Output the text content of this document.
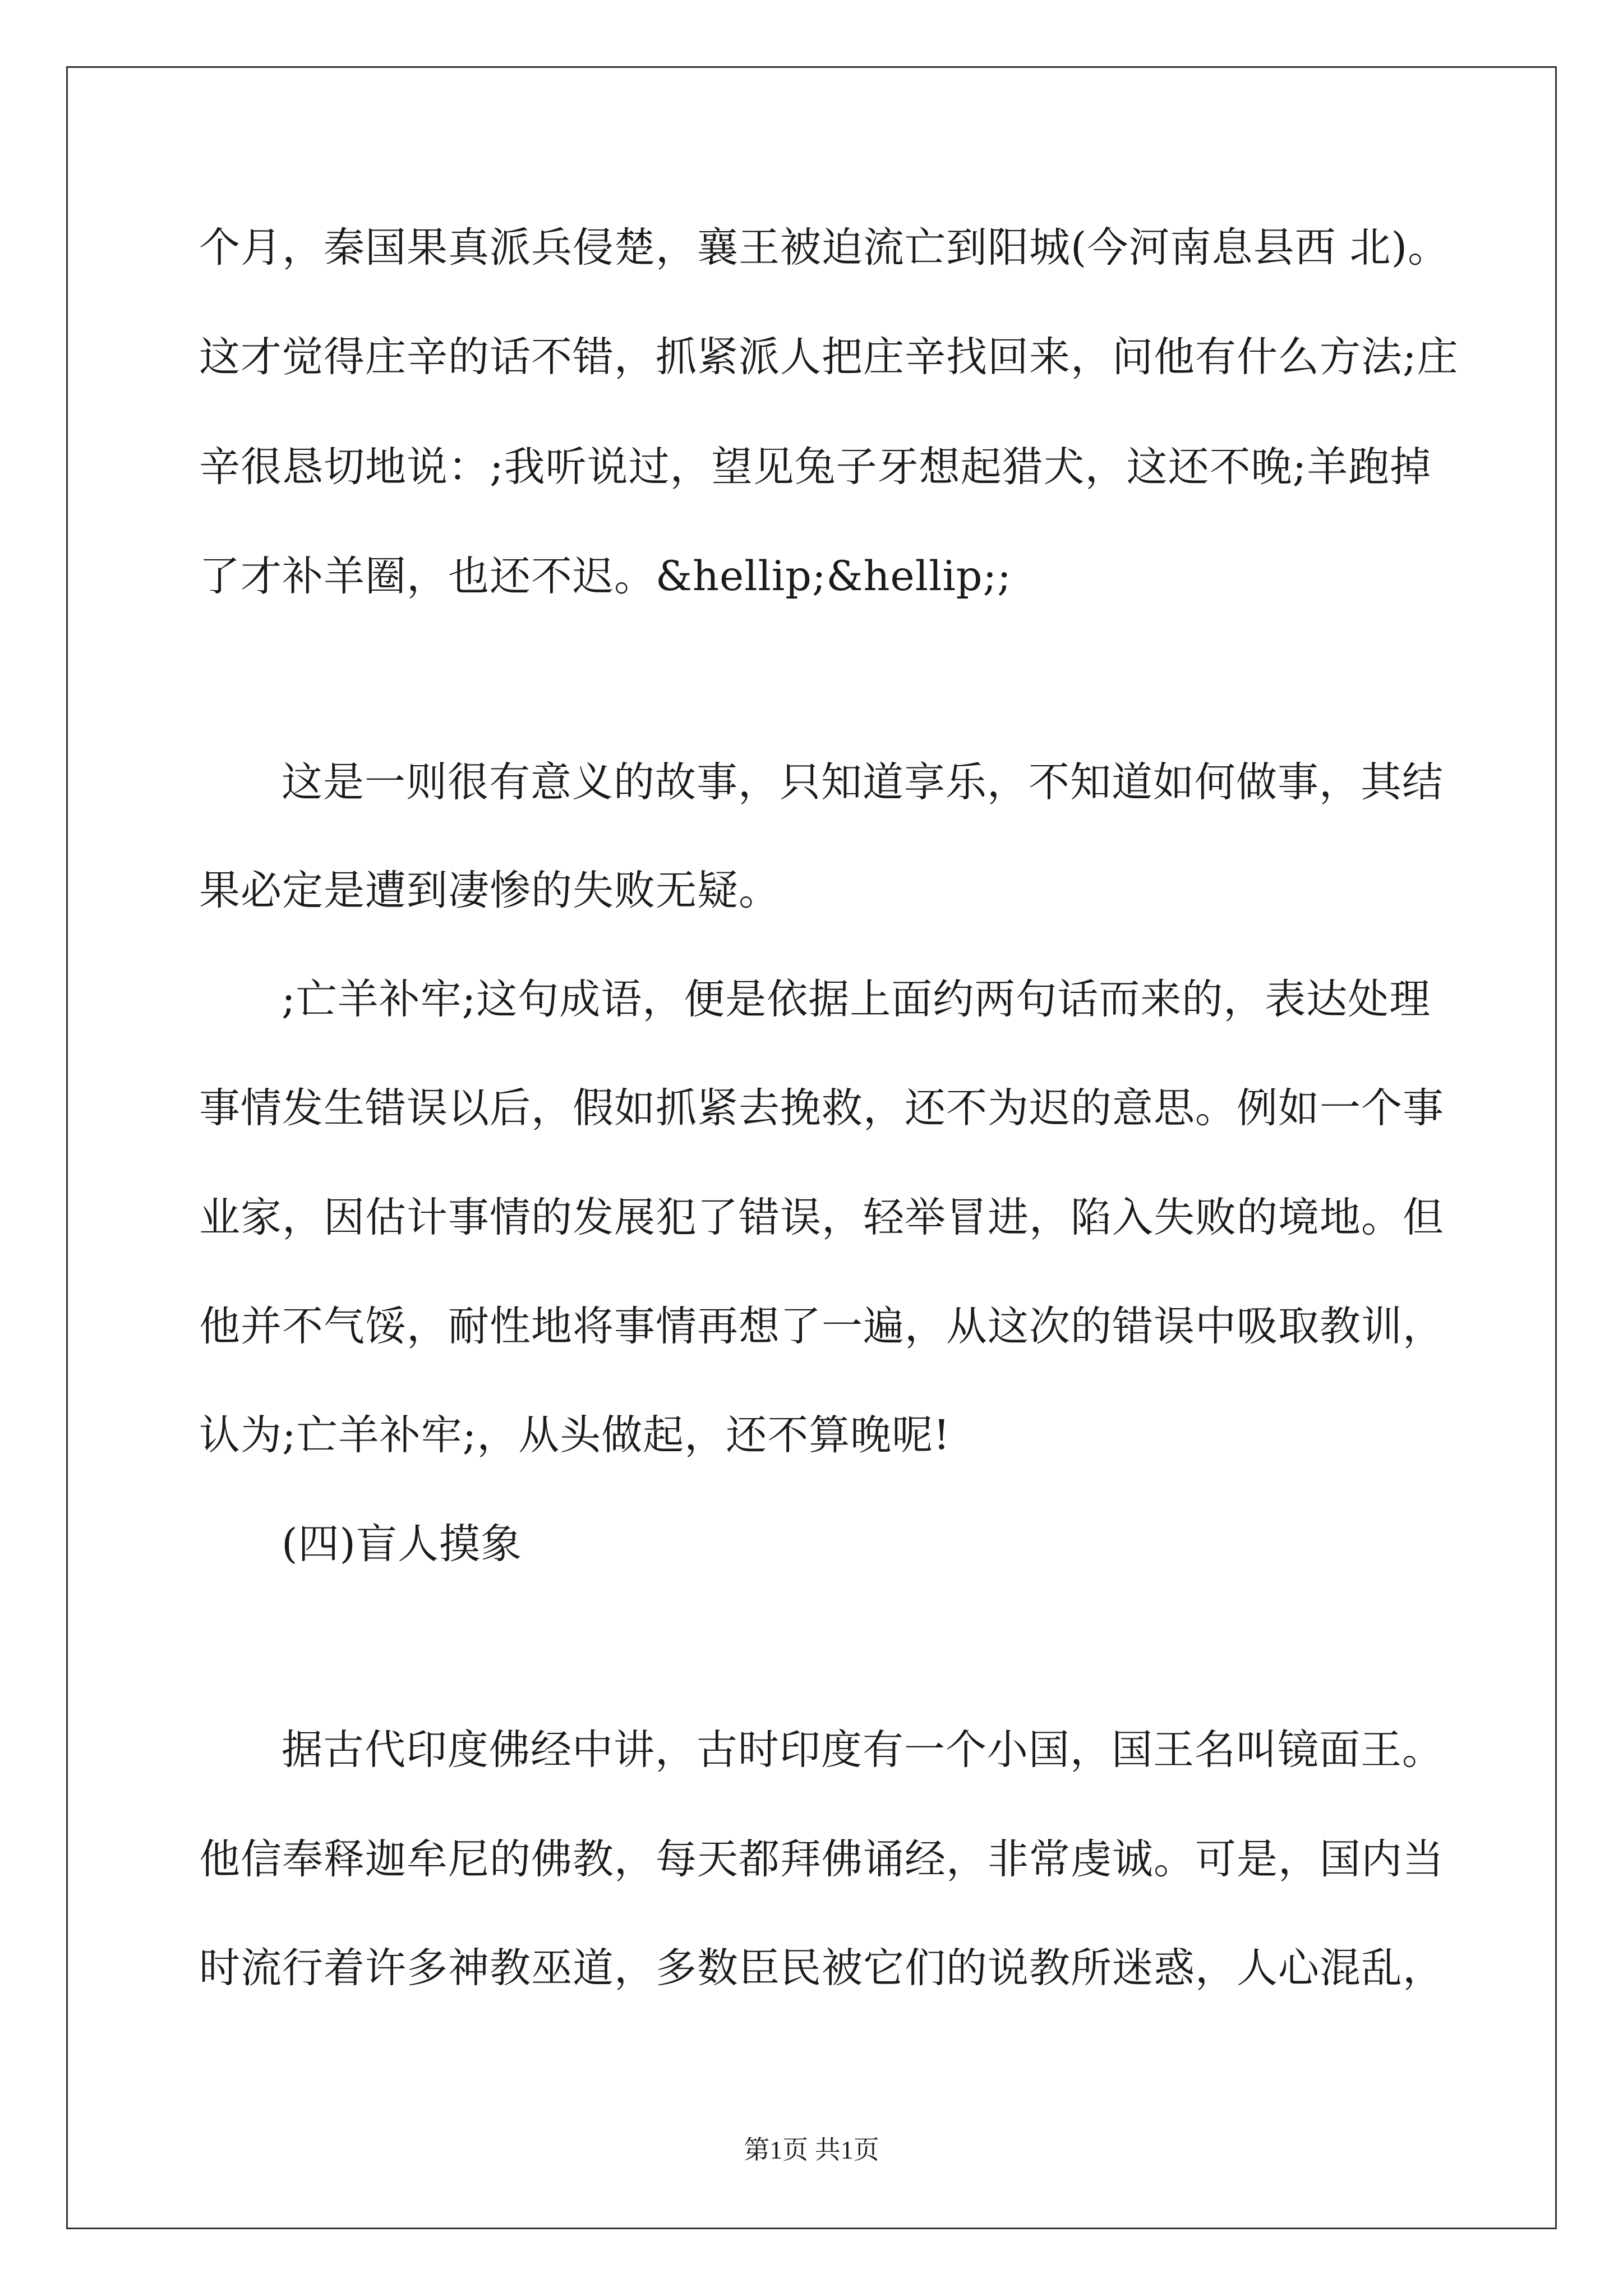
个月，秦国果真派兵侵楚，襄王被迫流亡到阳城(今河南息县西 北)。

这才觉得庄辛的话不错，抓紧派人把庄辛找回来，问他有什么方法;庄

辛很恳切地说：;我听说过，望见兔子牙想起猎犬，这还不晚;羊跑掉

了才补羊圈，也还不迟。&hellip;&hellip;;

这是一则很有意义的故事，只知道享乐，不知道如何做事，其结

果必定是遭到凄惨的失败无疑。

;亡羊补牢;这句成语，便是依据上面约两句话而来的，表达处理

事情发生错误以后，假如抓紧去挽救，还不为迟的意思。例如一个事

业家，因估计事情的发展犯了错误，轻举冒进，陷入失败的境地。但

他并不气馁，耐性地将事情再想了一遍，从这次的错误中吸取教训，

认为;亡羊补牢;，从头做起，还不算晚呢!

(四)盲人摸象

据古代印度佛经中讲，古时印度有一个小国，国王名叫镜面王。

他信奉释迦牟尼的佛教，每天都拜佛诵经，非常虔诚。可是，国内当

时流行着许多神教巫道，多数臣民被它们的说教所迷惑，人心混乱，

第1页 共1页
